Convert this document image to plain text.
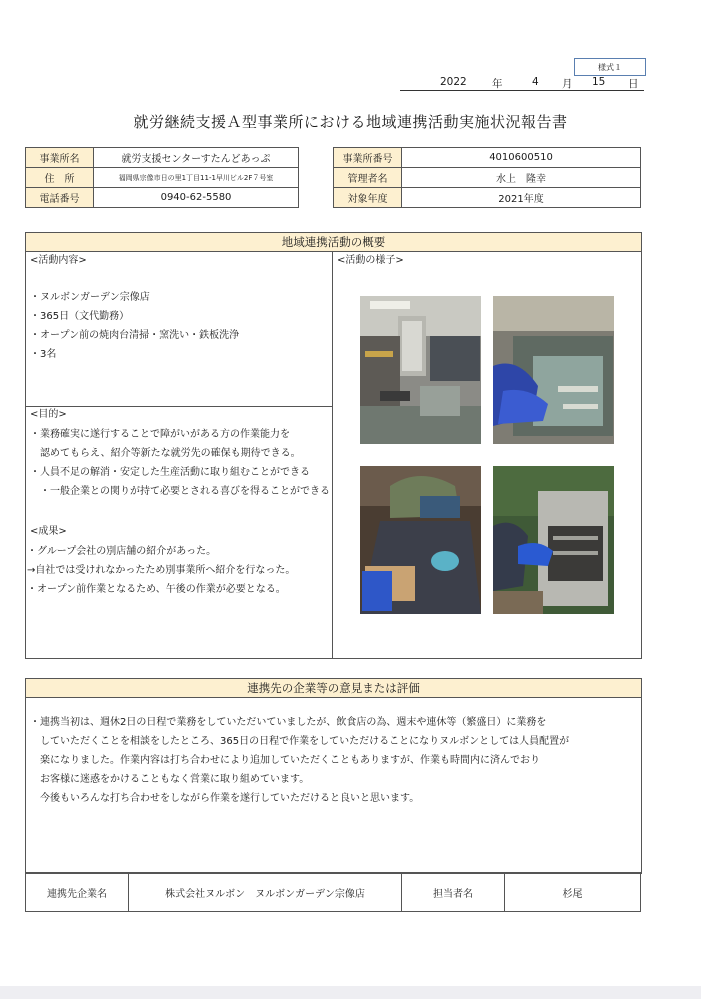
様式１
2022 年	4 月 15 日
就労継続支援Ａ型事業所における地域連携活動実施状況報告書
事業所名	就労支援センターすたんどあっぷ
住　所	福岡県宗像市日の里1丁目11-1早川ビル2F７号室
電話番号	0940-62-5580
事業所番号	4010600510
管理者名	水上　隆幸
対象年度	2021年度
地域連携活動の概要
<活動内容>
・ヌルボンガーデン宗像店
・365日（文代勤務）
・オープン前の焼肉台清掃・窯洗い・鉄板洗浄
・3名
<目的>
・業務確実に遂行することで障がいがある方の作業能力を
　認めてもらえ、紹介等新たな就労先の確保も期待できる。
・人員不足の解消・安定した生産活動に取り組むことができる
　・一般企業との関りが持て必要とされる喜びを得ることができる
<成果>
・グループ会社の別店舗の紹介があった。
→自社では受けれなかったため別事業所へ紹介を行なった。
・オープン前作業となるため、午後の作業が必要となる。
<活動の様子>
連携先の企業等の意見または評価
・連携当初は、週休2日の日程で業務をしていただいていましたが、飲食店の為、週末や連休等（繁盛日）に業務を
　していただくことを相談をしたところ、365日の日程で作業をしていただけることになりヌルボンとしては人員配置が
　楽になりました。作業内容は打ち合わせにより追加していただくこともありますが、作業も時間内に済んでおり
　お客様に迷惑をかけることもなく営業に取り組めています。
　今後もいろんな打ち合わせをしながら作業を遂行していただけると良いと思います。
連携先企業名	株式会社ヌルボン　ヌルボンガーデン宗像店	担当者名	杉尾
